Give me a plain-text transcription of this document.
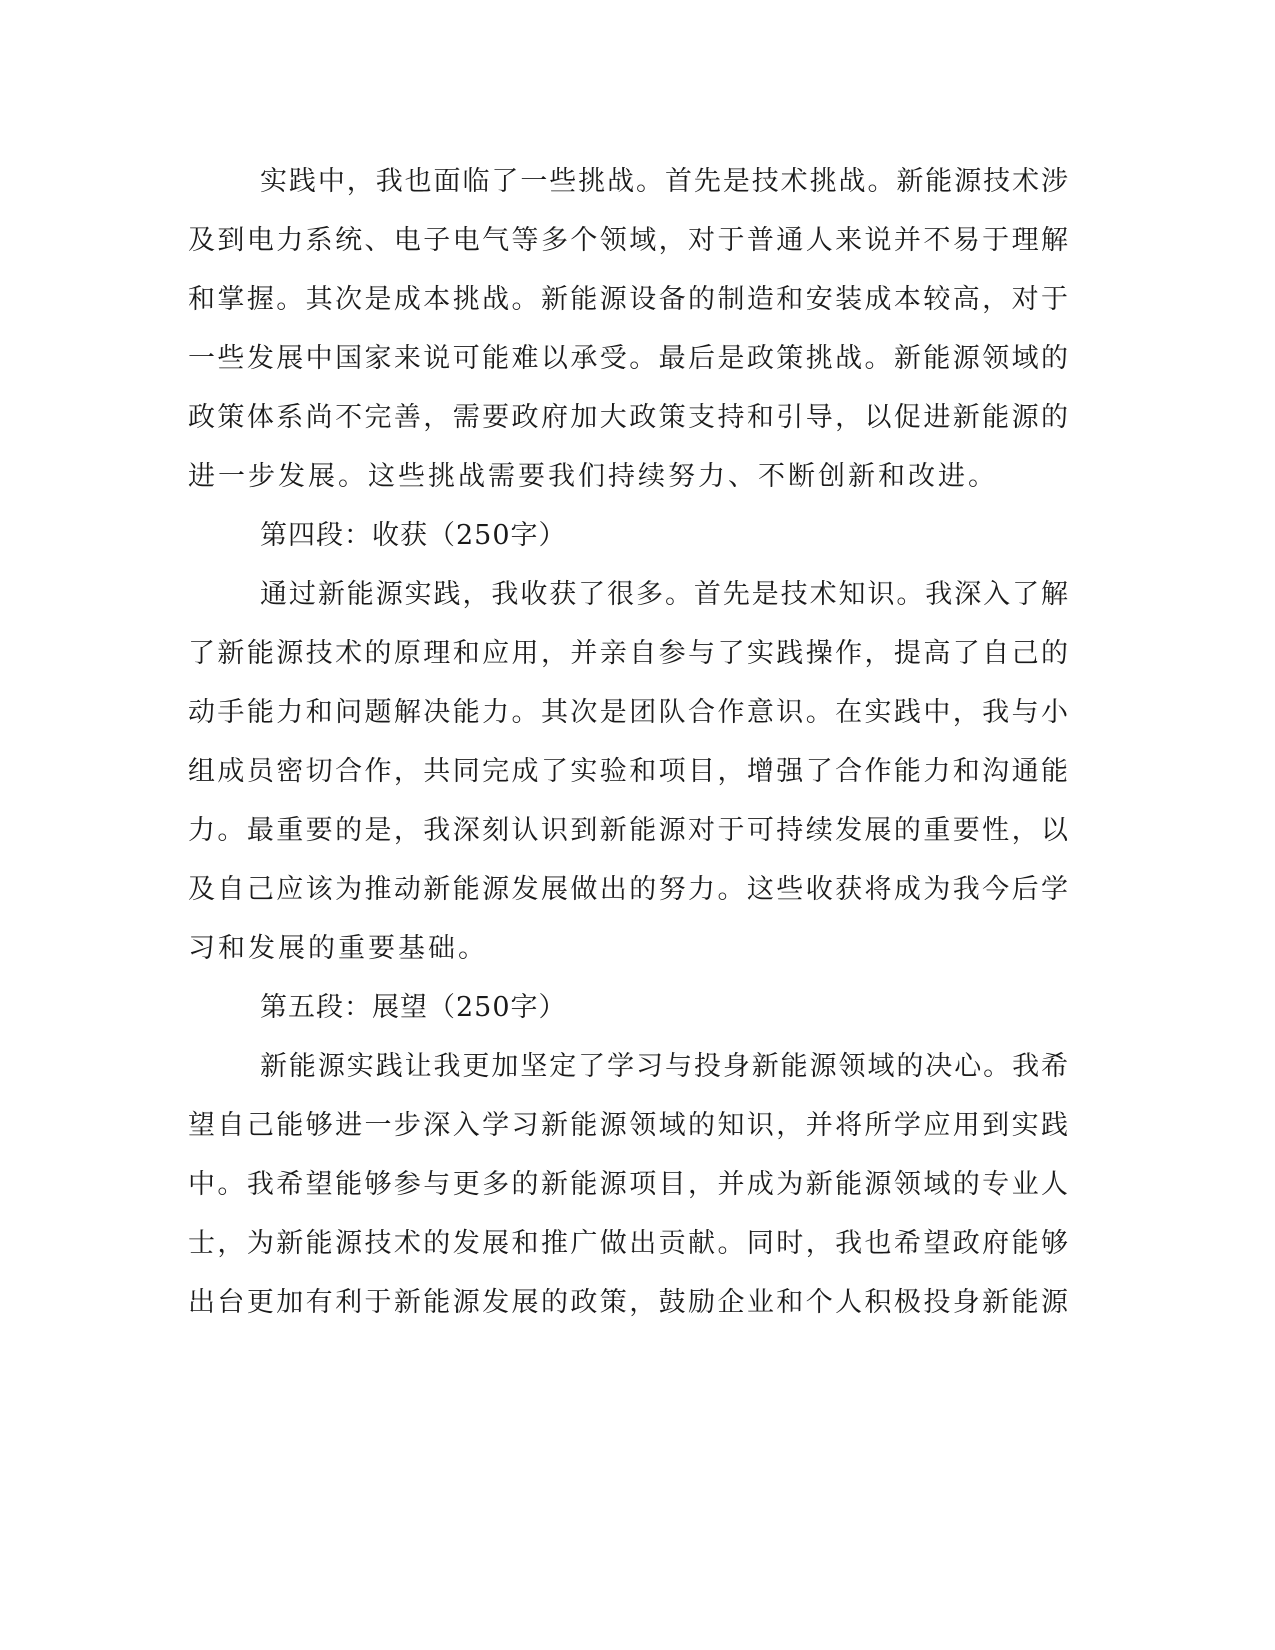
实践中，我也面临了一些挑战。首先是技术挑战。新能源技术涉
及到电力系统、电子电气等多个领域，对于普通人来说并不易于理解
和掌握。其次是成本挑战。新能源设备的制造和安装成本较高，对于
一些发展中国家来说可能难以承受。最后是政策挑战。新能源领域的
政策体系尚不完善，需要政府加大政策支持和引导，以促进新能源的
进一步发展。这些挑战需要我们持续努力、不断创新和改进。
第四段：收获（250字）
通过新能源实践，我收获了很多。首先是技术知识。我深入了解
了新能源技术的原理和应用，并亲自参与了实践操作，提高了自己的
动手能力和问题解决能力。其次是团队合作意识。在实践中，我与小
组成员密切合作，共同完成了实验和项目，增强了合作能力和沟通能
力。最重要的是，我深刻认识到新能源对于可持续发展的重要性，以
及自己应该为推动新能源发展做出的努力。这些收获将成为我今后学
习和发展的重要基础。
第五段：展望（250字）
新能源实践让我更加坚定了学习与投身新能源领域的决心。我希
望自己能够进一步深入学习新能源领域的知识，并将所学应用到实践
中。我希望能够参与更多的新能源项目，并成为新能源领域的专业人
士，为新能源技术的发展和推广做出贡献。同时，我也希望政府能够
出台更加有利于新能源发展的政策，鼓励企业和个人积极投身新能源
